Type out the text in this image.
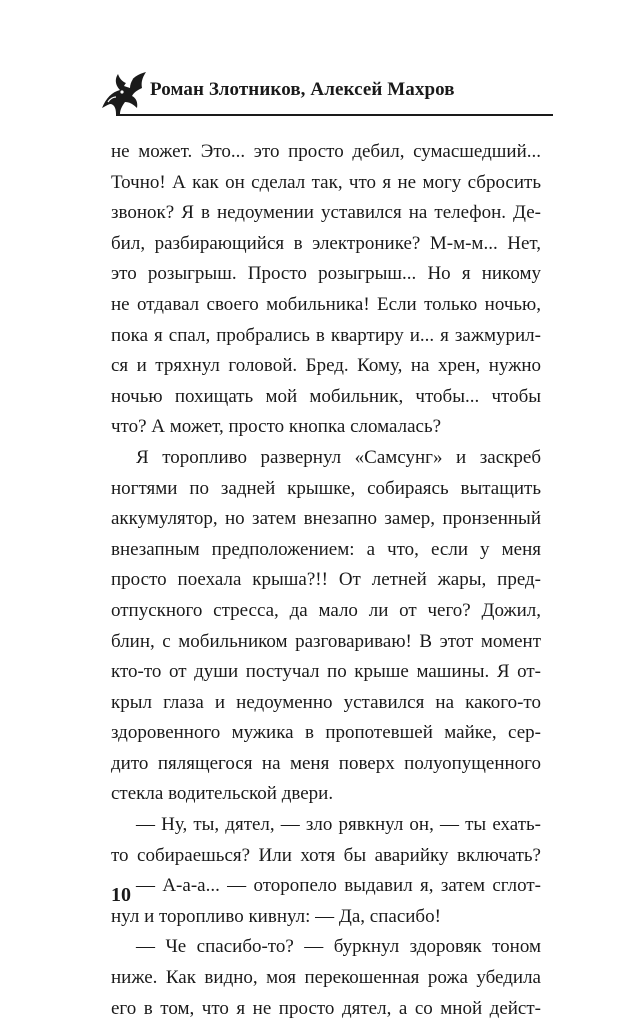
Роман Злотников, Алексей Махров
не может. Это... это просто дебил, сумасшедший...
Точно! А как он сделал так, что я не могу сбросить
звонок? Я в недоумении уставился на телефон. Де-
бил, разбирающийся в электронике? М-м-м... Нет,
это розыгрыш. Просто розыгрыш... Но я никому
не отдавал своего мобильника! Если только ночью,
пока я спал, пробрались в квартиру и... я зажмурил-
ся и тряхнул головой. Бред. Кому, на хрен, нужно
ночью похищать мой мобильник, чтобы... чтобы
что? А может, просто кнопка сломалась?
Я торопливо развернул «Самсунг» и заскреб
ногтями по задней крышке, собираясь вытащить
аккумулятор, но затем внезапно замер, пронзенный
внезапным предположением: а что, если у меня
просто поехала крыша?!! От летней жары, пред-
отпускного стресса, да мало ли от чего? Дожил,
блин, с мобильником разговариваю! В этот момент
кто-то от души постучал по крыше машины. Я от-
крыл глаза и недоуменно уставился на какого-то
здоровенного мужика в пропотевшей майке, сер-
дито пялящегося на меня поверх полуопущенного
стекла водительской двери.
— Ну, ты, дятел, — зло рявкнул он, — ты ехать-
то собираешься? Или хотя бы аварийку включать?
— А-а-а... — оторопело выдавил я, затем сглот-
нул и торопливо кивнул: — Да, спасибо!
— Че спасибо-то? — буркнул здоровяк тоном
ниже. Как видно, моя перекошенная рожа убедила
его в том, что я не просто дятел, а со мной дейст-
10
